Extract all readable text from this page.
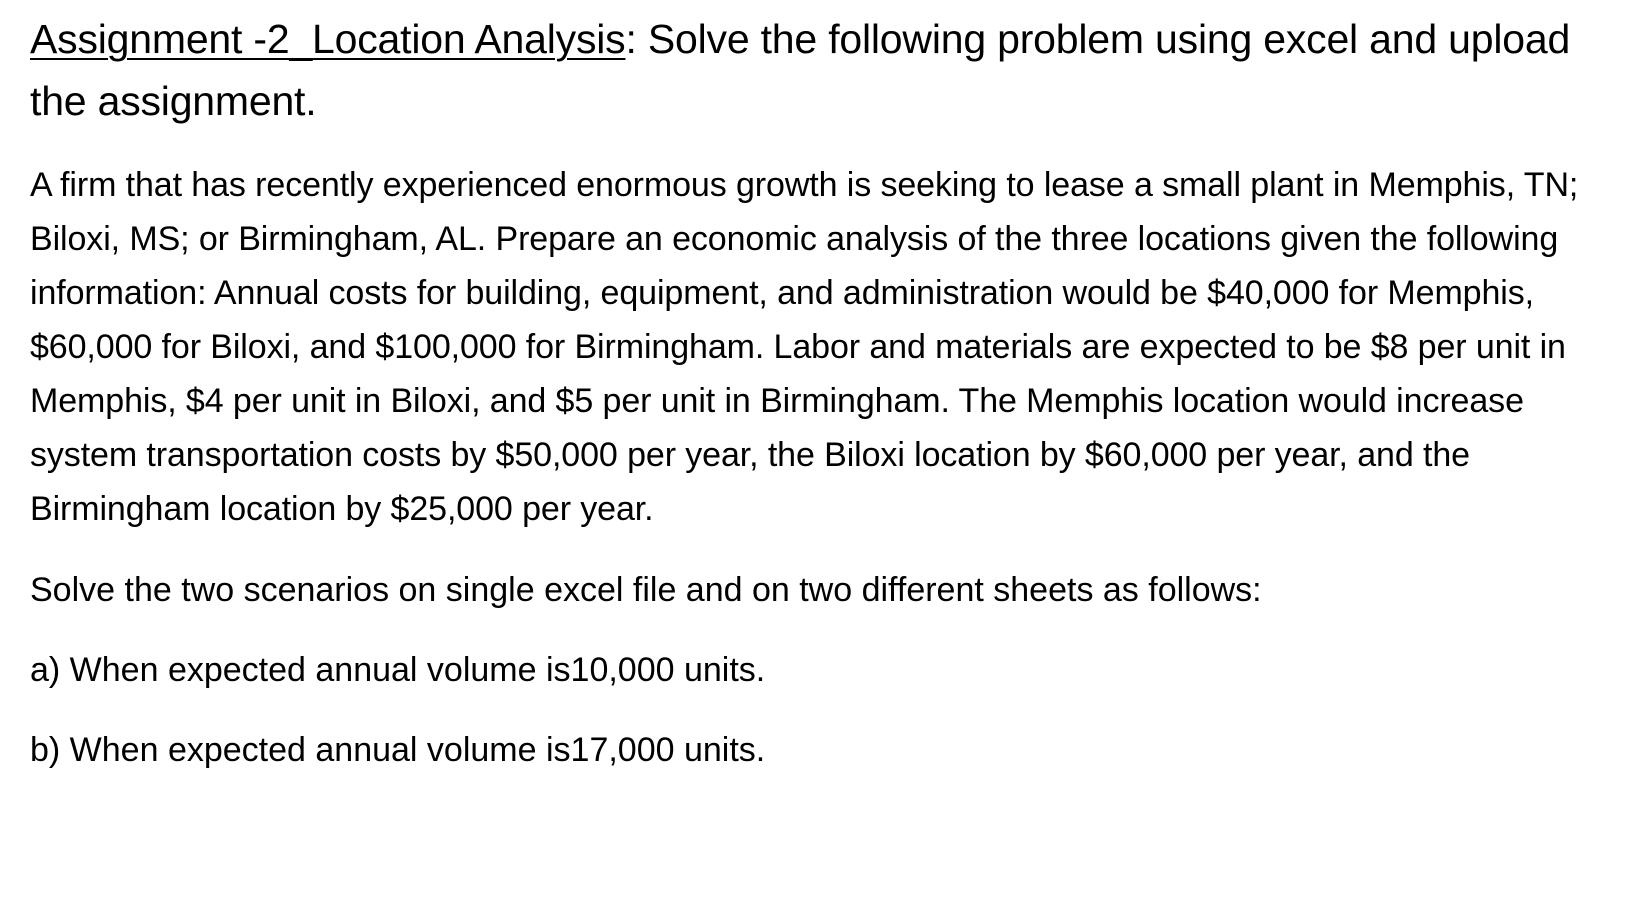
Assignment -2_Location Analysis: Solve the following problem using excel and upload the assignment.

A firm that has recently experienced enormous growth is seeking to lease a small plant in Memphis, TN; Biloxi, MS; or Birmingham, AL. Prepare an economic analysis of the three locations given the following information: Annual costs for building, equipment, and administration would be $40,000 for Memphis, $60,000 for Biloxi, and $100,000 for Birmingham. Labor and materials are expected to be $8 per unit in Memphis, $4 per unit in Biloxi, and $5 per unit in Birmingham. The Memphis location would increase system transportation costs by $50,000 per year, the Biloxi location by $60,000 per year, and the Birmingham location by $25,000 per year.

Solve the two scenarios on single excel file and on two different sheets as follows:

a) When expected annual volume is10,000 units.

b) When expected annual volume is17,000 units.
